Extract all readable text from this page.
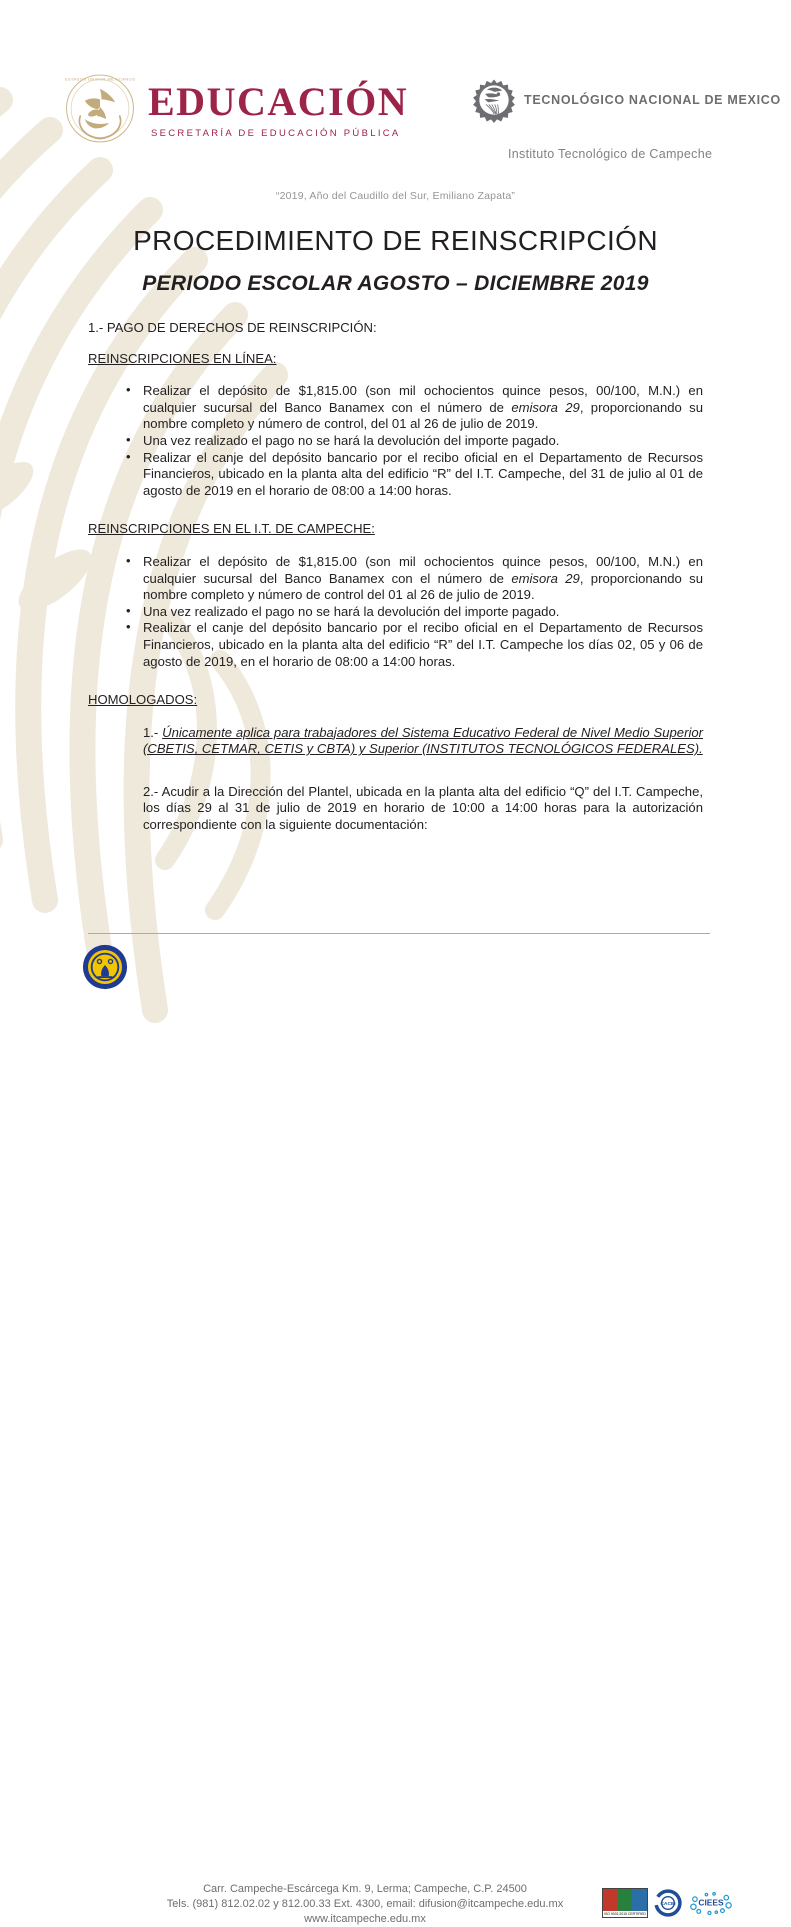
ESTADOS UNIDOS MEXICANOS EDUCACIÓN
SECRETARÍA DE EDUCACIÓN PÚBLICA
TECNOLÓGICO NACIONAL DE MEXICO
Instituto Tecnológico de Campeche
“2019, Año del Caudillo del Sur, Emiliano Zapata”
PROCEDIMIENTO DE REINSCRIPCIÓN
PERIODO ESCOLAR AGOSTO – DICIEMBRE 2019
1.- PAGO DE DERECHOS DE REINSCRIPCIÓN:
REINSCRIPCIONES EN LÍNEA:
• Realizar el depósito de $1,815.00 (son mil ochocientos quince pesos, 00/100, M.N.) en cualquier sucursal del Banco Banamex con el número de emisora 29, proporcionando su nombre completo y número de control, del 01 al 26 de julio de 2019.
• Una vez realizado el pago no se hará la devolución del importe pagado.
• Realizar el canje del depósito bancario por el recibo oficial en el Departamento de Recursos Financieros, ubicado en la planta alta del edificio “R” del I.T. Campeche, del 31 de julio al 01 de agosto de 2019 en el horario de 08:00 a 14:00 horas.
REINSCRIPCIONES EN EL I.T. DE CAMPECHE:
• Realizar el depósito de $1,815.00 (son mil ochocientos quince pesos, 00/100, M.N.) en cualquier sucursal del Banco Banamex con el número de emisora 29, proporcionando su nombre completo y número de control del 01 al 26 de julio de 2019.
• Una vez realizado el pago no se hará la devolución del importe pagado.
• Realizar el canje del depósito bancario por el recibo oficial en el Departamento de Recursos Financieros, ubicado en la planta alta del edificio “R” del I.T. Campeche los días 02, 05 y 06 de agosto de 2019, en el horario de 08:00 a 14:00 horas.
HOMOLOGADOS:
1.- Únicamente aplica para trabajadores del Sistema Educativo Federal de Nivel Medio Superior (CBETIS, CETMAR, CETIS y CBTA) y Superior (INSTITUTOS TECNOLÓGICOS FEDERALES).
2.- Acudir a la Dirección del Plantel, ubicada en la planta alta del edificio “Q” del I.T. Campeche, los días 29 al 31 de julio de 2019 en horario de 10:00 a 14:00 horas para la autorización correspondiente con la siguiente documentación:
Carr. Campeche-Escárcega Km. 9, Lerma; Campeche, C.P. 24500
Tels. (981) 812.02.02 y 812.00.33 Ext. 4300, email: difusion@itcampeche.edu.mx
www.itcampeche.edu.mx	ISO 9001:2015 CERTIFIED
CACEI CIEES
